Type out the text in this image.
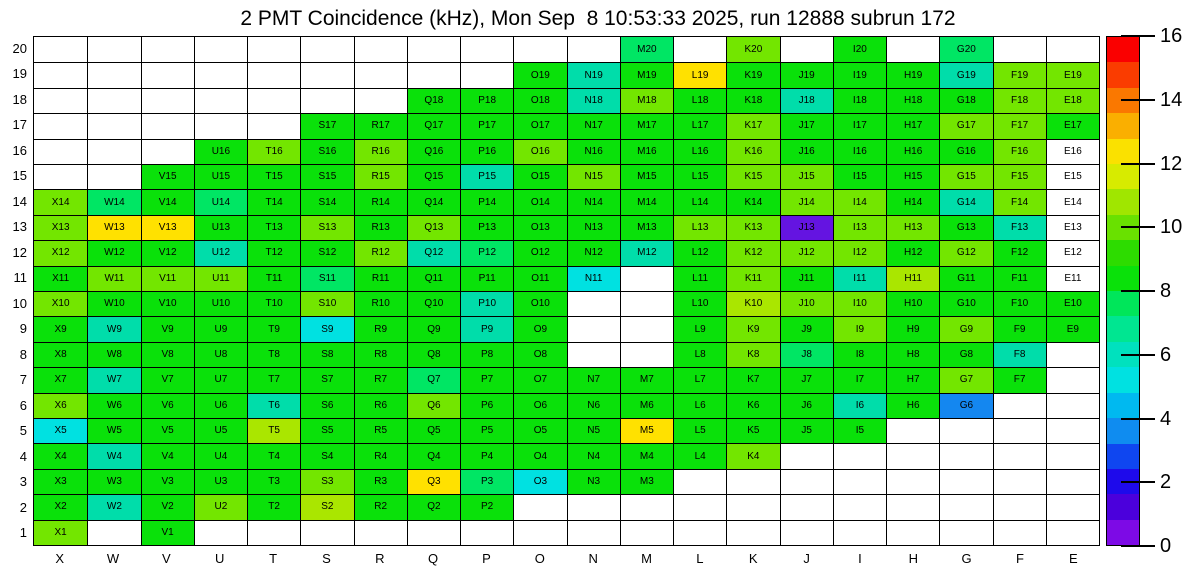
2 PMT Coincidence (kHz), Mon Sep  8 10:53:33 2025, run 12888 subrun 172
M20	K20	I20	G20
O19	N19	M19	L19	K19	J19	I19	H19	G19	F19	E19
Q18	P18	O18	N18	M18	L18	K18	J18	I18	H18	G18	F18	E18
S17	R17	Q17	P17	O17	N17	M17	L17	K17	J17	I17	H17	G17	F17	E17
U16	T16	S16	R16	Q16	P16	O16	N16	M16	L16	K16	J16	I16	H16	G16	F16	E16
V15	U15	T15	S15	R15	Q15	P15	O15	N15	M15	L15	K15	J15	I15	H15	G15	F15	E15
X14	W14	V14	U14	T14	S14	R14	Q14	P14	O14	N14	M14	L14	K14	J14	I14	H14	G14	F14	E14
X13	W13	V13	U13	T13	S13	R13	Q13	P13	O13	N13	M13	L13	K13	J13	I13	H13	G13	F13	E13
X12	W12	V12	U12	T12	S12	R12	Q12	P12	O12	N12	M12	L12	K12	J12	I12	H12	G12	F12	E12
X11	W11	V11	U11	T11	S11	R11	Q11	P11	O11	N11	L11	K11	J11	I11	H11	G11	F11	E11
X10	W10	V10	U10	T10	S10	R10	Q10	P10	O10	L10	K10	J10	I10	H10	G10	F10	E10
X9	W9	V9	U9	T9	S9	R9	Q9	P9	O9	L9	K9	J9	I9	H9	G9	F9	E9
X8	W8	V8	U8	T8	S8	R8	Q8	P8	O8	L8	K8	J8	I8	H8	G8	F8
X7	W7	V7	U7	T7	S7	R7	Q7	P7	O7	N7	M7	L7	K7	J7	I7	H7	G7	F7
X6	W6	V6	U6	T6	S6	R6	Q6	P6	O6	N6	M6	L6	K6	J6	I6	H6	G6
X5	W5	V5	U5	T5	S5	R5	Q5	P5	O5	N5	M5	L5	K5	J5	I5
X4	W4	V4	U4	T4	S4	R4	Q4	P4	O4	N4	M4	L4	K4
X3	W3	V3	U3	T3	S3	R3	Q3	P3	O3	N3	M3
X2	W2	V2	U2	T2	S2	R2	Q2	P2
X1	V1
20
19
18
17
16
15
14
13
12
11
10
9
8
7
6
5
4
3
2
1
X	W	V	U	T	S	R	Q	P	O	N	M	L	K	J	I	H	G	F	E
16
14
12
10
8
6
4
2
0
